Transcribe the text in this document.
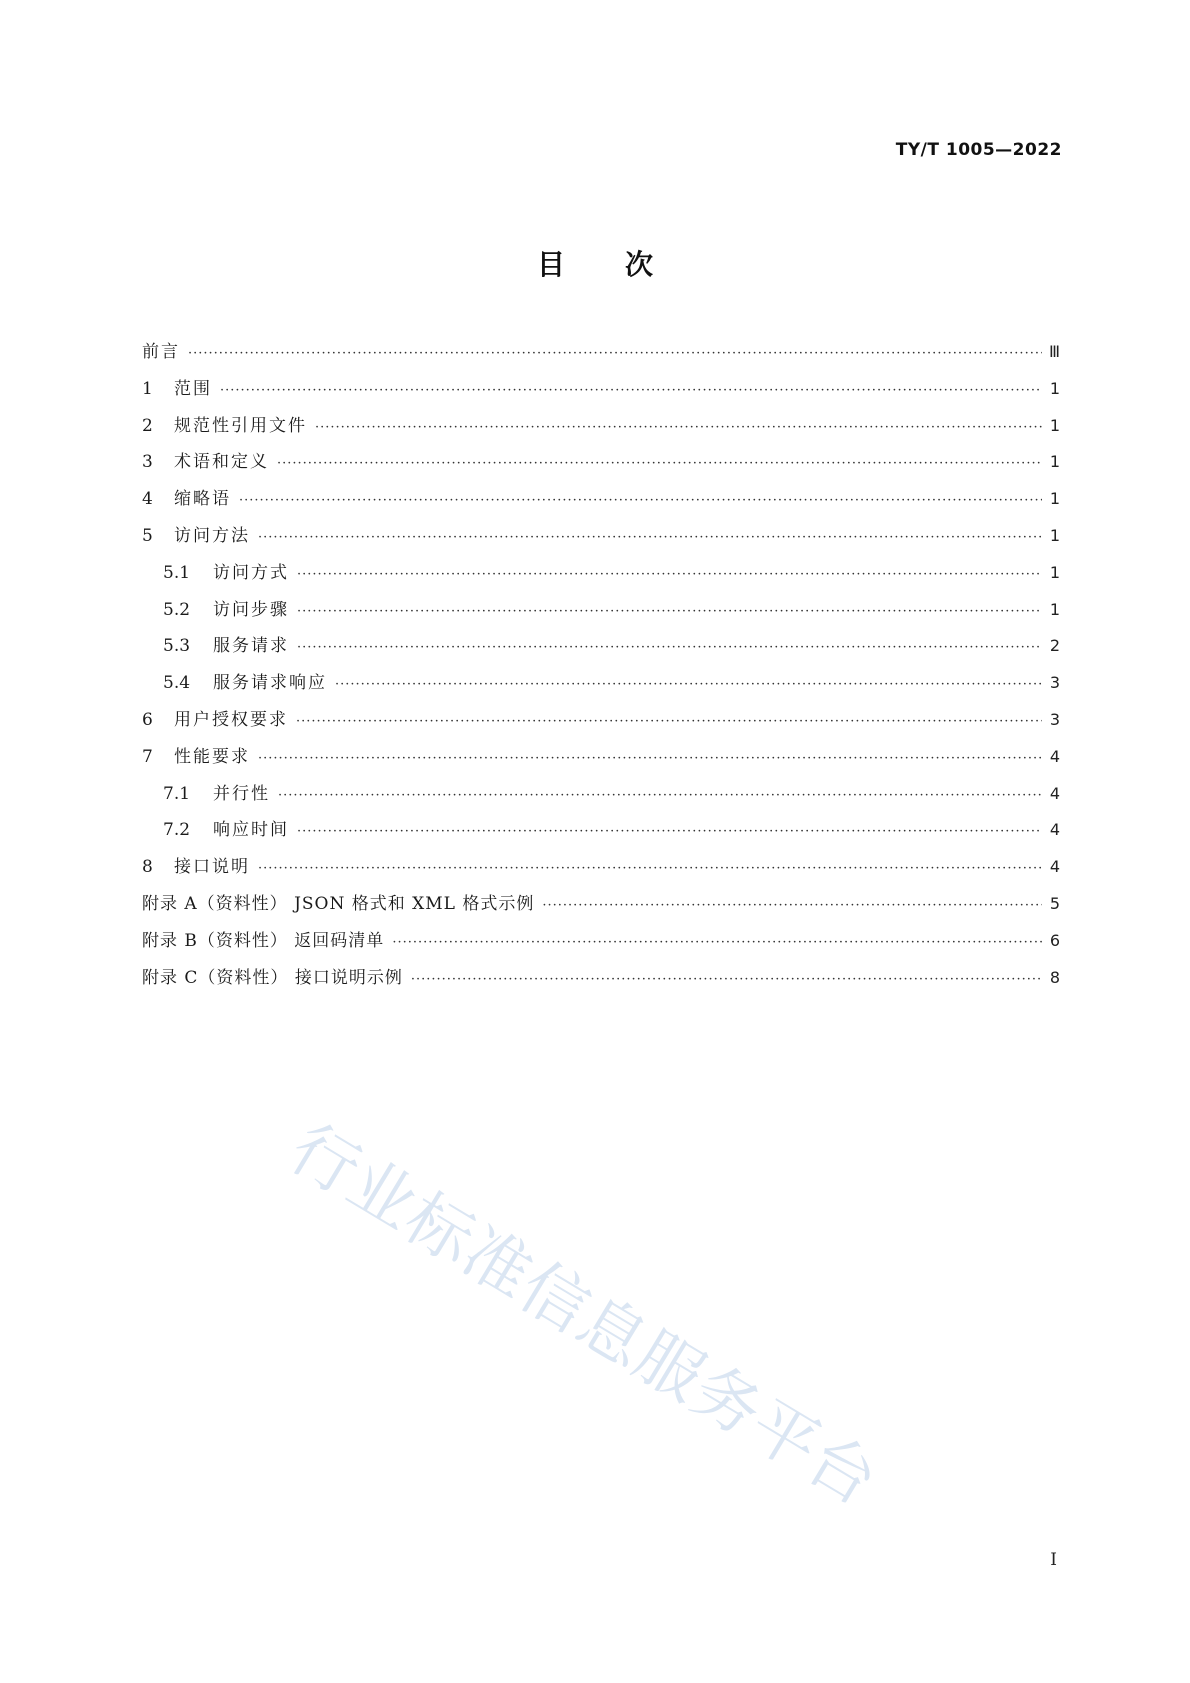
TY/T 1005—2022
目次
前言 ·····	Ⅲ
1	范围 ·····	1
2	规范性引用文件 ·····	1
3	术语和定义 ·····	1
4	缩略语 ·····	1
5	访问方法 ·····	1
5.1	访问方式 ·····	1
5.2	访问步骤 ·····	1
5.3	服务请求 ·····	2
5.4	服务请求响应 ·····	3
6	用户授权要求 ·····	3
7	性能要求 ·····	4
7.1	并行性 ·····	4
7.2	响应时间 ·····	4
8	接口说明 ·····	4
附录 A（资料性） JSON 格式和 XML 格式示例 ·····	5
附录 B（资料性） 返回码清单 ·····	6
附录 C（资料性） 接口说明示例 ·····	8
行业标准信息服务平台
I
